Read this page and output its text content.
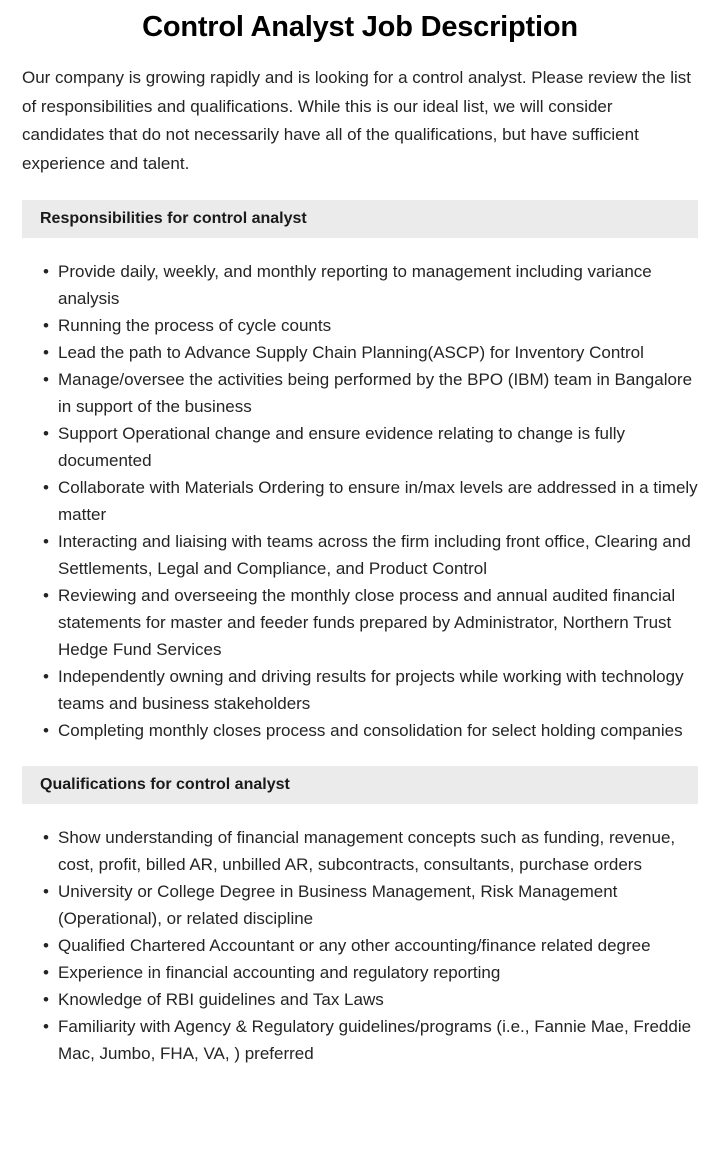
Control Analyst Job Description

Our company is growing rapidly and is looking for a control analyst. Please review the list of responsibilities and qualifications. While this is our ideal list, we will consider candidates that do not necessarily have all of the qualifications, but have sufficient experience and talent.

Responsibilities for control analyst
• Provide daily, weekly, and monthly reporting to management including variance analysis
• Running the process of cycle counts
• Lead the path to Advance Supply Chain Planning(ASCP) for Inventory Control
• Manage/oversee the activities being performed by the BPO (IBM) team in Bangalore in support of the business
• Support Operational change and ensure evidence relating to change is fully documented
• Collaborate with Materials Ordering to ensure in/max levels are addressed in a timely matter
• Interacting and liaising with teams across the firm including front office, Clearing and Settlements, Legal and Compliance, and Product Control
• Reviewing and overseeing the monthly close process and annual audited financial statements for master and feeder funds prepared by Administrator, Northern Trust Hedge Fund Services
• Independently owning and driving results for projects while working with technology teams and business stakeholders
• Completing monthly closes process and consolidation for select holding companies
Qualifications for control analyst
• Show understanding of financial management concepts such as funding, revenue, cost, profit, billed AR, unbilled AR, subcontracts, consultants, purchase orders
• University or College Degree in Business Management, Risk Management (Operational), or related discipline
• Qualified Chartered Accountant or any other accounting/finance related degree
• Experience in financial accounting and regulatory reporting
• Knowledge of RBI guidelines and Tax Laws
• Familiarity with Agency & Regulatory guidelines/programs (i.e., Fannie Mae, Freddie Mac, Jumbo, FHA, VA, ) preferred
